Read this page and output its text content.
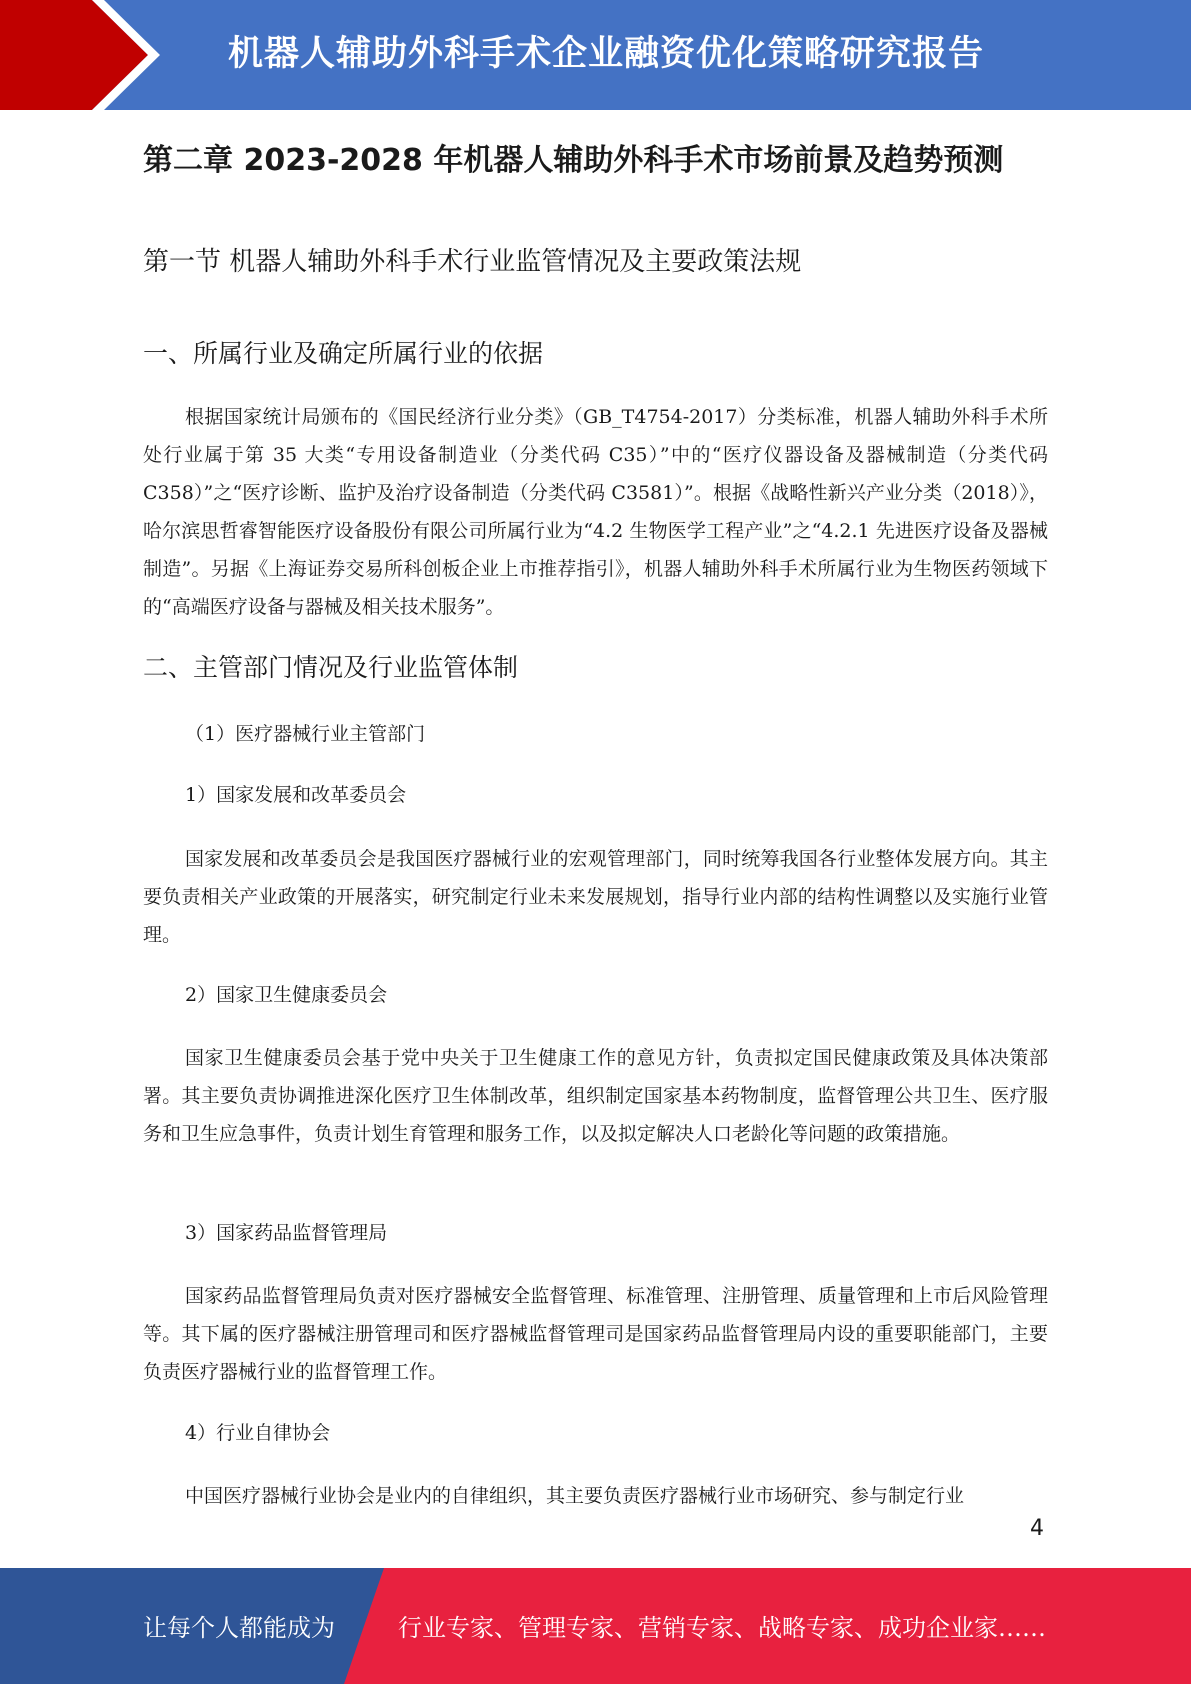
机器人辅助外科手术企业融资优化策略研究报告
第二章 2023-2028 年机器人辅助外科手术市场前景及趋势预测
第一节 机器人辅助外科手术行业监管情况及主要政策法规
一、所属行业及确定所属行业的依据
根据国家统计局颁布的《国民经济行业分类》（GB_T4754-2017）分类标准，机器人辅助外科手术所处行业属于第 35 大类“专用设备制造业（分类代码 C35）”中的“医疗仪器设备及器械制造（分类代码 C358）”之“医疗诊断、监护及治疗设备制造（分类代码 C3581）”。根据《战略性新兴产业分类（2018）》，哈尔滨思哲睿智能医疗设备股份有限公司所属行业为“4.2 生物医学工程产业”之“4.2.1 先进医疗设备及器械制造”。另据《上海证券交易所科创板企业上市推荐指引》，机器人辅助外科手术所属行业为生物医药领域下的“高端医疗设备与器械及相关技术服务”。
二、主管部门情况及行业监管体制
（1）医疗器械行业主管部门
1）国家发展和改革委员会
国家发展和改革委员会是我国医疗器械行业的宏观管理部门，同时统筹我国各行业整体发展方向。其主要负责相关产业政策的开展落实，研究制定行业未来发展规划，指导行业内部的结构性调整以及实施行业管理。
2）国家卫生健康委员会
国家卫生健康委员会基于党中央关于卫生健康工作的意见方针，负责拟定国民健康政策及具体决策部署。其主要负责协调推进深化医疗卫生体制改革，组织制定国家基本药物制度，监督管理公共卫生、医疗服务和卫生应急事件，负责计划生育管理和服务工作，以及拟定解决人口老龄化等问题的政策措施。
3）国家药品监督管理局
国家药品监督管理局负责对医疗器械安全监督管理、标准管理、注册管理、质量管理和上市后风险管理等。其下属的医疗器械注册管理司和医疗器械监督管理司是国家药品监督管理局内设的重要职能部门，主要负责医疗器械行业的监督管理工作。
4）行业自律协会
中国医疗器械行业协会是业内的自律组织，其主要负责医疗器械行业市场研究、参与制定行业
4
让每个人都能成为	行业专家、管理专家、营销专家、战略专家、成功企业家……
